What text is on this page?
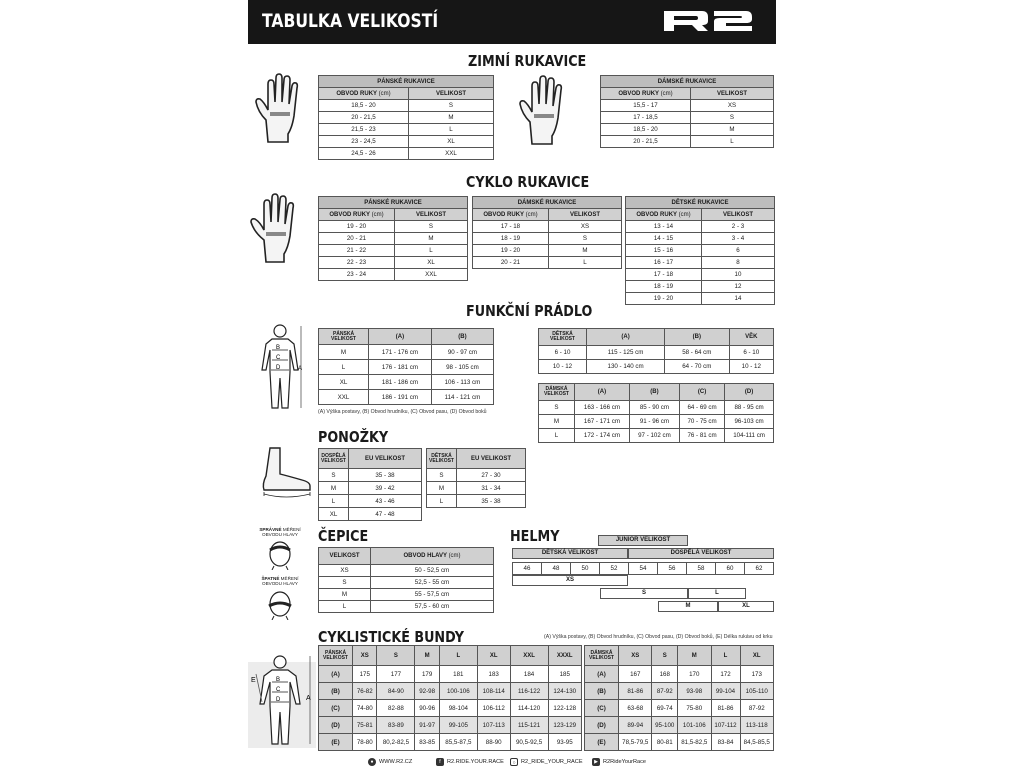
TABULKA VELIKOSTÍ
ZIMNÍ RUKAVICE
PÁNSKÉ RUKAVICE	
OBVOD RUKY (cm)	VELIKOST
18,5 - 20	S
20 - 21,5	M
21,5 - 23	L
23 - 24,5	XL
24,5 - 26	XXL
DÁMSKÉ RUKAVICE	
OBVOD RUKY (cm)	VELIKOST
15,5 - 17	XS
17 - 18,5	S
18,5 - 20	M
20 - 21,5	L
CYKLO RUKAVICE
PÁNSKÉ RUKAVICE	
OBVOD RUKY (cm)	VELIKOST
19 - 20	S
20 - 21	M
21 - 22	L
22 - 23	XL
23 - 24	XXL
DÁMSKÉ RUKAVICE	
OBVOD RUKY (cm)	VELIKOST
17 - 18	XS
18 - 19	S
19 - 20	M
20 - 21	L
DĚTSKÉ RUKAVICE	
OBVOD RUKY (cm)	VELIKOST
13 - 14	2 - 3
14 - 15	3 - 4
15 - 16	6
16 - 17	8
17 - 18	10
18 - 19	12
19 - 20	14
FUNKČNÍ PRÁDLO
B
C
D	A
PÁNSKÁ VELIKOST	(A)	(B)
M	171 - 176 cm	90 - 97 cm
L	176 - 181 cm	98 - 105 cm
XL	181 - 186 cm	106 - 113 cm
XXL	186 - 191 cm	114 - 121 cm
(A) Výška postavy, (B) Obvod hrudníku, (C) Obvod pasu, (D) Obvod boků
DĚTSKÁ VELIKOST	(A)	(B)	VĚK
6 - 10	115 - 125 cm	58 - 64 cm	6 - 10
10 - 12	130 - 140 cm	64 - 70 cm	10 - 12
DÁMSKÁ VELIKOST	(A)	(B)	(C)	(D)
S	163 - 166 cm	85 - 90 cm	64 - 69 cm	88 - 95 cm
M	167 - 171 cm	91 - 96 cm	70 - 75 cm	96-103 cm
L	172 - 174 cm	97 - 102 cm	76 - 81 cm	104-111 cm
PONOŽKY
DOSPĚLÁ VELIKOST	EU VELIKOST
S	35 - 38
M	39 - 42
L	43 - 46
XL	47 - 48
DĚTSKÁ VELIKOST	EU VELIKOST
S	27 - 30
M	31 - 34
L	35 - 38
ČEPICE
SPRÁVNÉ MĚŘENÍ
OBVODU HLAVY
ŠPATNÉ MĚŘENÍ
OBVODU HLAVY
VELIKOST	OBVOD HLAVY (cm)
XS	50 - 52,5 cm
S	52,5 - 55 cm
M	55 - 57,5 cm
L	57,5 - 60 cm
HELMY	JUNIOR VELIKOST
DĚTSKÁ VELIKOST	DOSPĚLÁ VELIKOST
46	48	50	52	54	56	58	60	62
XS
S	L
M	XL
CYKLISTICKÉ BUNDY	(A) Výška postavy, (B) Obvod hrudníku, (C) Obvod pasu, (D) Obvod boků, (E) Délka rukávu od krku
B
C
D	A
E
PÁNSKÁ VELIKOST	XS	S	M	L	XL	XXL	XXXL
(A)	175	177	179	181	183	184	185
(B)	76-82	84-90	92-98	100-106	108-114	116-122	124-130
(C)	74-80	82-88	90-96	98-104	106-112	114-120	122-128
(D)	75-81	83-89	91-97	99-105	107-113	115-121	123-129
(E)	78-80	80,2-82,5	83-85	85,5-87,5	88-90	90,5-92,5	93-95
DÁMSKÁ VELIKOST	XS	S	M	L	XL
(A)	167	168	170	172	173
(B)	81-86	87-92	93-98	99-104	105-110
(C)	63-68	69-74	75-80	81-86	87-92
(D)	89-94	95-100	101-106	107-112	113-118
(E)	78,5-79,5	80-81	81,5-82,5	83-84	84,5-85,5
● WWW.R2.CZ	f	R2.RIDE.YOUR.RACE	○ R2_RIDE_YOUR_RACE	▶ R2RideYourRace
